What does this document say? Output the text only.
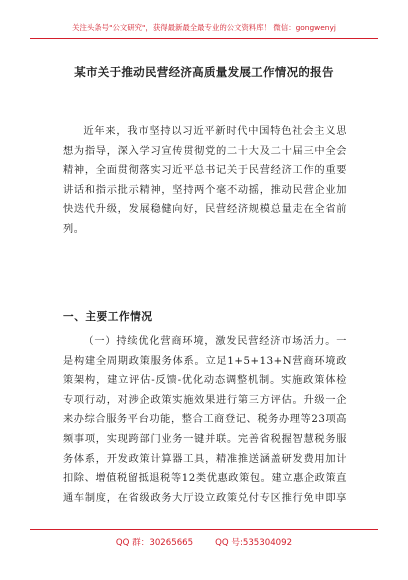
关注头条号"公文研究"，获得最新最全最专业的公文资料库！ 微信：gongwenyj
某市关于推动民营经济高质量发展工作情况的报告

近年来，我市坚持以习近平新时代中国特色社会主义思想为指导，深入学习宣传贯彻党的二十大及二十届三中全会精神，全面贯彻落实习近平总书记关于民营经济工作的重要讲话和指示批示精神，坚持两个毫不动摇，推动民营企业加快迭代升级，发展稳健向好，民营经济规模总量走在全省前列。

一、主要工作情况

（一）持续优化营商环境，激发民营经济市场活力。一是构建全周期政策服务体系。立足1+5+13+N营商环境政策架构，建立评估-反馈-优化动态调整机制。实施政策体检专项行动，对涉企政策实施效果进行第三方评估。升级一企来办综合服务平台功能，整合工商登记、税务办理等23项高频事项，实现跨部门业务一键并联。完善省税握智慧税务服务体系，开发政策计算器工具，精准推送涵盖研发费用加计扣除、增值税留抵退税等12类优惠政策包。建立惠企政策直通车制度，在省级政务大厅设立政策兑付专区推行免申即享

QQ 群：30265665	QQ 号:535304092
